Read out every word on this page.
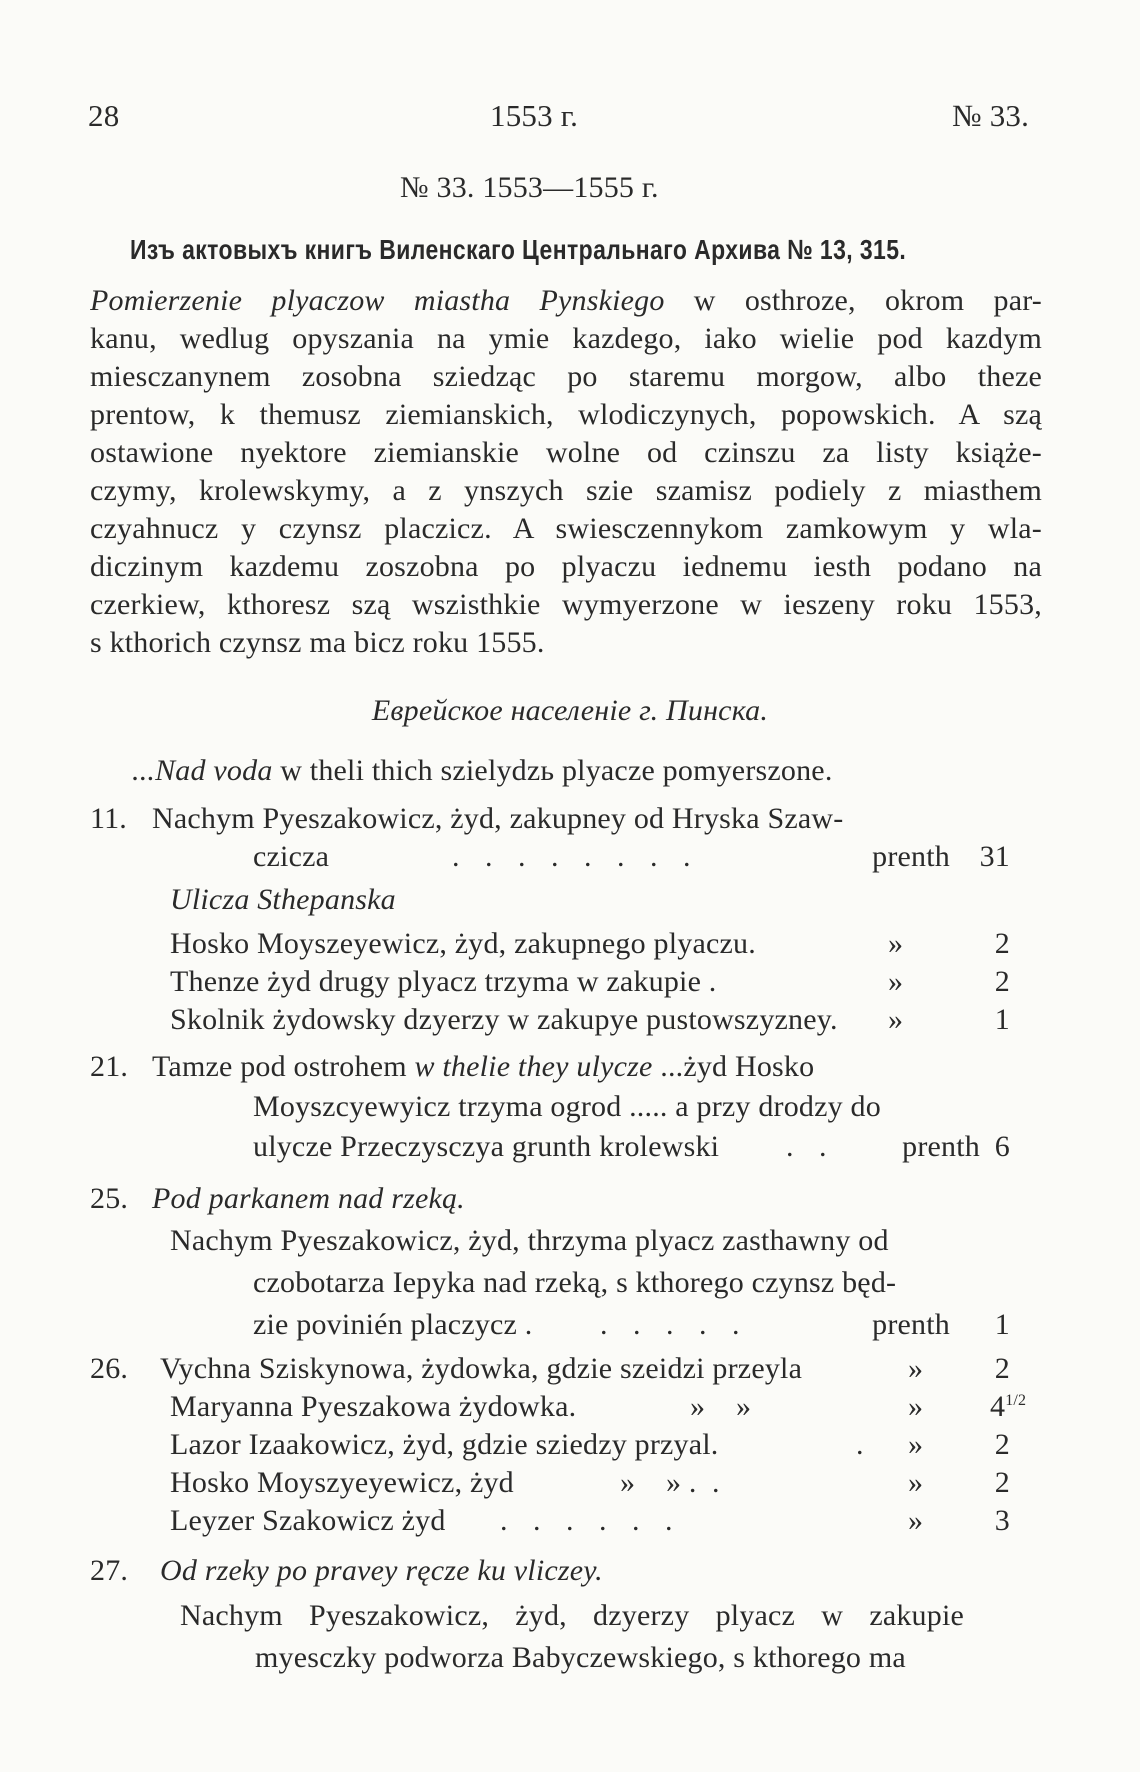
28	1553 г.	№ 33.
№ 33. 1553—1555 г.
Изъ актовыхъ книгъ Виленскаго Центральнаго Архива № 13, 315.
Pomierzenie plyaczow miastha Pynskiego w osthroze, okrom par-
kanu, wedlug opyszania na ymie kazdego, iako wielie pod kazdym
miesczanynem zosobna sziedząc po staremu morgow, albo theze
prentow, k themusz ziemianskich, wlodiczynych, popowskich. A szą
ostawione nyektore ziemianskie wolne od czinszu za listy książe-
czymy, krolewskymy, a z ynszych szie szamisz podiely z miasthem
czyahnucz y czynsz placzicz. A swiesczennykom zamkowym y wla-
diczinym kazdemu zoszobna po plyaczu iednemu iesth podano na
czerkiew, kthoresz szą wszisthkie wymyerzone w ieszeny roku 1553,
s kthorich czynsz ma bicz roku 1555.
Еврейское населенiе г. Пинска.
...Nad voda w theli thich szielydzь plyacze pomyerszone.
11. Nachym Pyeszakowicz, żyd, zakupney od Hryska Szaw-
czicza	. . . . . . . .	prenth 31
Ulicza Sthepanska
Hosko Moyszeyewicz, żyd, zakupnego plyaczu.	»	2
Thenze żyd drugy plyacz trzyma w zakupie .	»	2
Skolnik żydowsky dzyerzy w zakupye pustowszyzney. »	1
21. Tamze pod ostrohem w thelie they ulycze ...żyd Hosko
Moyszcyewyicz trzyma ogrod ..... a przy drodzy do
ulycze Przeczysczya grunth krolewski . .	prenth 6
25. Pod parkanem nad rzeką.
Nachym Pyeszakowicz, żyd, thrzyma plyacz zasthawny od
czobotarza Iepyka nad rzeką, s kthorego czynsz będ-
zie povinién placzycz . . . . . .	prenth	1
26. Vychna Sziskynowa, żydowka, gdzie szeidzi przeyla	»	2
Maryanna Pyeszakowa żydowka.	»    »	» $4^{1/2}$
Lazor Izaakowicz, żyd, gdzie sziedzy przyal.	. »	2
Hosko Moyszyeyewicz, żyd	»    » .  .	»	2
Leyzer Szakowicz żyd . . . . . .	»	3
27. Od rzeky po pravey ręcze ku vliczey.
Nachym Pyeszakowicz, żyd, dzyerzy plyacz w zakupie
myesczky podworza Babyczewskiego, s kthorego ma
